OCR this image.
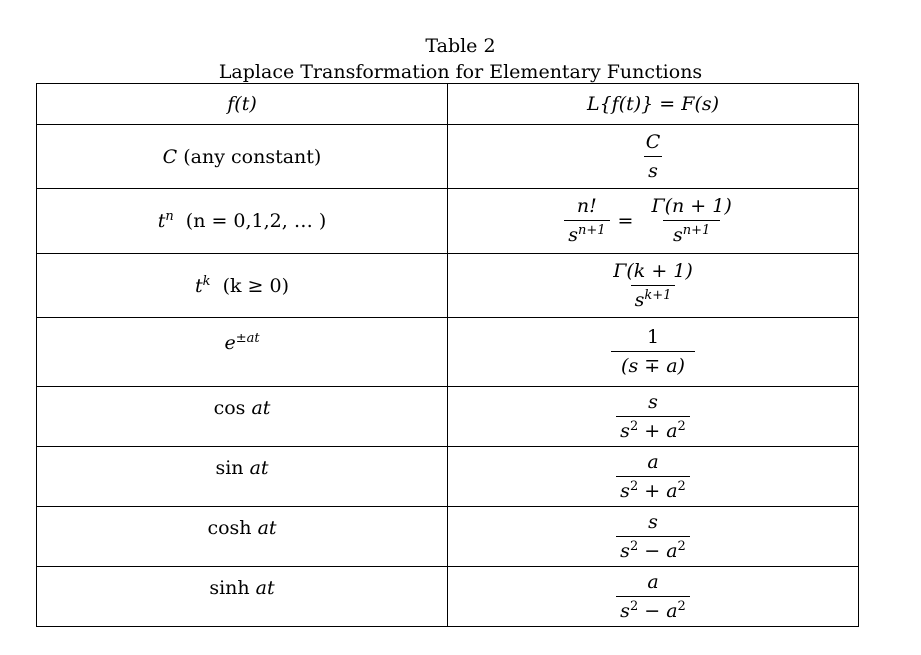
Table 2
Laplace Transformation for Elementary Functions
f(t)	L{f(t)} = F(s)
C (any constant)	$\frac{C}{s}$

$t^n$  (n = 0,1,2, … )	$\frac{n!}{s^{n+1}} = \frac{\Gamma(n + 1)}{s^{n+1}}$

$t^k$  (k ≥ 0)	$\frac{\Gamma(k + 1)}{s^{k+1}}$

$e^{\pm at}$	$\frac{1}{(s \mp a)}$

cos at	$\frac{s}{s^2 + a^2}$

sin at	$\frac{a}{s^2 + a^2}$

cosh at	$\frac{s}{s^2 - a^2}$

sinh at	$\frac{a}{s^2 - a^2}$
